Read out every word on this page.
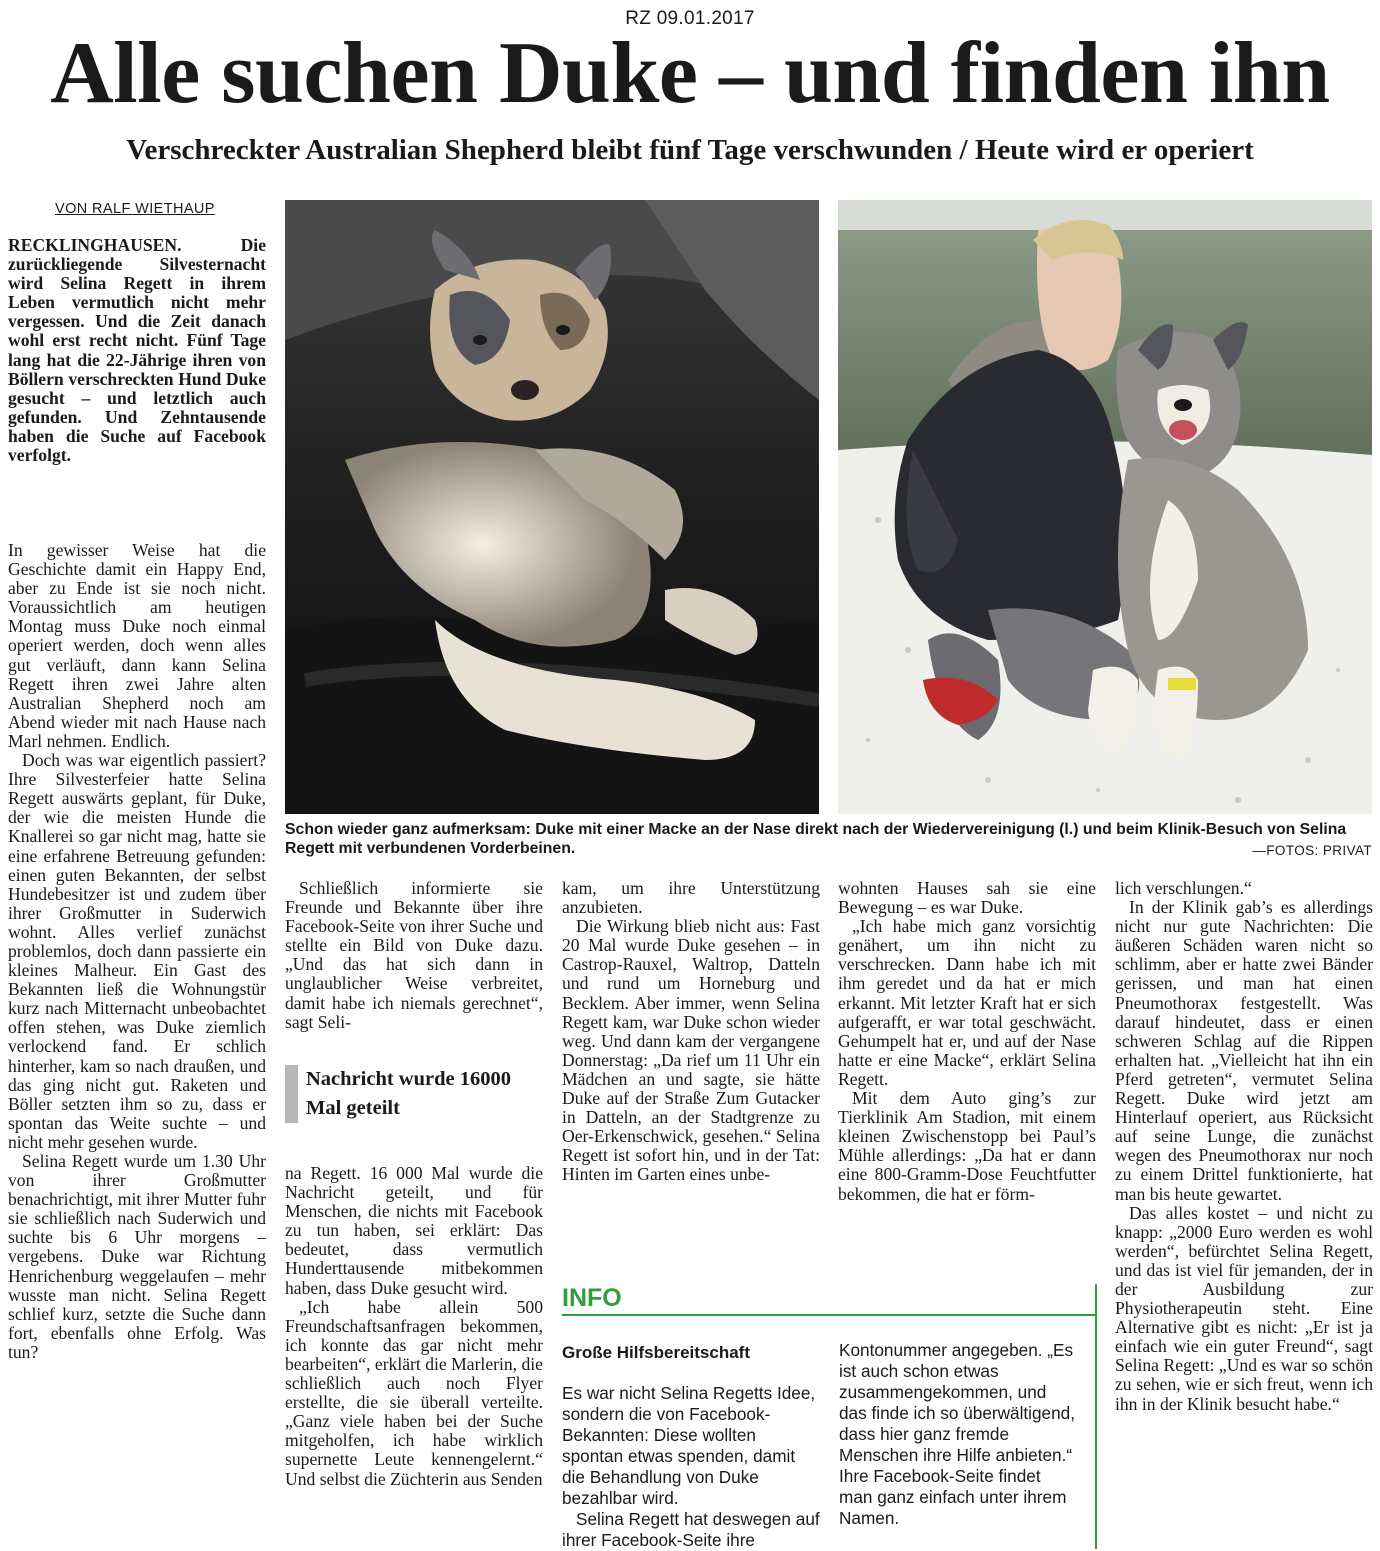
RZ 09.01.2017
Alle suchen Duke – und finden ihn
Verschreckter Australian Shepherd bleibt fünf Tage verschwunden / Heute wird er operiert
VON RALF WIETHAUP
RECKLINGHAUSEN. Die zurückliegende Silvesternacht wird Selina Regett in ihrem Leben vermutlich nicht mehr vergessen. Und die Zeit danach wohl erst recht nicht. Fünf Tage lang hat die 22-Jährige ihren von Böllern verschreckten Hund Duke gesucht – und letztlich auch gefunden. Und Zehntausende haben die Suche auf Facebook verfolgt.

In gewisser Weise hat die Geschichte damit ein Happy End, aber zu Ende ist sie noch nicht. Voraussichtlich am heutigen Montag muss Duke noch einmal operiert werden, doch wenn alles gut verläuft, dann kann Selina Regett ihren zwei Jahre alten Australian Shepherd noch am Abend wieder mit nach Hause nach Marl nehmen. Endlich.

Doch was war eigentlich passiert? Ihre Silvesterfeier hatte Selina Regett auswärts geplant, für Duke, der wie die meisten Hunde die Knallerei so gar nicht mag, hatte sie eine erfahrene Betreuung gefunden: einen guten Bekannten, der selbst Hundebesitzer ist und zudem über ihrer Großmutter in Suderwich wohnt. Alles verlief zunächst problemlos, doch dann passierte ein kleines Malheur. Ein Gast des Bekannten ließ die Wohnungstür kurz nach Mitternacht unbeobachtet offen stehen, was Duke ziemlich verlockend fand. Er schlich hinterher, kam so nach draußen, und das ging nicht gut. Raketen und Böller setzten ihm so zu, dass er spontan das Weite suchte – und nicht mehr gesehen wurde.

Selina Regett wurde um 1.30 Uhr von ihrer Großmutter benachrichtigt, mit ihrer Mutter fuhr sie schließlich nach Suderwich und suchte bis 6 Uhr morgens – vergebens. Duke war Richtung Henrichenburg weggelaufen – mehr wusste man nicht. Selina Regett schlief kurz, setzte die Suche dann fort, ebenfalls ohne Erfolg. Was tun?

Schon wieder ganz aufmerksam: Duke mit einer Macke an der Nase direkt nach der Wiedervereinigung (l.) und beim Klinik-Besuch von Selina Regett mit verbundenen Vorderbeinen.	—FOTOS: PRIVAT

Schließlich informierte sie Freunde und Bekannte über ihre Facebook-Seite von ihrer Suche und stellte ein Bild von Duke dazu. „Und das hat sich dann in unglaublicher Weise verbreitet, damit habe ich niemals gerechnet“, sagt Seli-

Nachricht wurde 16000 Mal geteilt

na Regett. 16 000 Mal wurde die Nachricht geteilt, und für Menschen, die nichts mit Facebook zu tun haben, sei erklärt: Das bedeutet, dass vermutlich Hunderttausende mitbekommen haben, dass Duke gesucht wird.

„Ich habe allein 500 Freundschaftsanfragen bekommen, ich konnte das gar nicht mehr bearbeiten“, erklärt die Marlerin, die schließlich auch noch Flyer erstellte, die sie überall verteilte. „Ganz viele haben bei der Suche mitgeholfen, ich habe wirklich supernette Leute kennengelernt.“ Und selbst die Züchterin aus Senden

kam, um ihre Unterstützung anzubieten.

Die Wirkung blieb nicht aus: Fast 20 Mal wurde Duke gesehen – in Castrop-Rauxel, Waltrop, Datteln und rund um Horneburg und Becklem. Aber immer, wenn Selina Regett kam, war Duke schon wieder weg. Und dann kam der vergangene Donnerstag: „Da rief um 11 Uhr ein Mädchen an und sagte, sie hätte Duke auf der Straße Zum Gutacker in Datteln, an der Stadtgrenze zu Oer-Erkenschwick, gesehen.“ Selina Regett ist sofort hin, und in der Tat: Hinten im Garten eines unbe-

wohnten Hauses sah sie eine Bewegung – es war Duke.

„Ich habe mich ganz vorsichtig genähert, um ihn nicht zu verschrecken. Dann habe ich mit ihm geredet und da hat er mich erkannt. Mit letzter Kraft hat er sich aufgerafft, er war total geschwächt. Gehumpelt hat er, und auf der Nase hatte er eine Macke“, erklärt Selina Regett.

Mit dem Auto ging’s zur Tierklinik Am Stadion, mit einem kleinen Zwischenstopp bei Paul’s Mühle allerdings: „Da hat er dann eine 800-Gramm-Dose Feuchtfutter bekommen, die hat er förm-

lich verschlungen.“

In der Klinik gab’s es allerdings nicht nur gute Nachrichten: Die äußeren Schäden waren nicht so schlimm, aber er hatte zwei Bänder gerissen, und man hat einen Pneumothorax festgestellt. Was darauf hindeutet, dass er einen schweren Schlag auf die Rippen erhalten hat. „Vielleicht hat ihn ein Pferd getreten“, vermutet Selina Regett. Duke wird jetzt am Hinterlauf operiert, aus Rücksicht auf seine Lunge, die zunächst wegen des Pneumothorax nur noch zu einem Drittel funktionierte, hat man bis heute gewartet.

Das alles kostet – und nicht zu knapp: „2000 Euro werden es wohl werden“, befürchtet Selina Regett, und das ist viel für jemanden, der in der Ausbildung zur Physiotherapeutin steht. Eine Alternative gibt es nicht: „Er ist ja einfach wie ein guter Freund“, sagt Selina Regett: „Und es war so schön zu sehen, wie er sich freut, wenn ich ihn in der Klinik besucht habe.“

INFO
Große Hilfsbereitschaft

Es war nicht Selina Regetts Idee, sondern die von Facebook-Bekannten: Diese wollten spontan etwas spenden, damit die Behandlung von Duke bezahlbar wird.

Selina Regett hat deswegen auf ihrer Facebook-Seite ihre

Kontonummer angegeben. „Es ist auch schon etwas zusammengekommen, und das finde ich so überwältigend, dass hier ganz fremde Menschen ihre Hilfe anbieten.“ Ihre Facebook-Seite findet man ganz einfach unter ihrem Namen.
